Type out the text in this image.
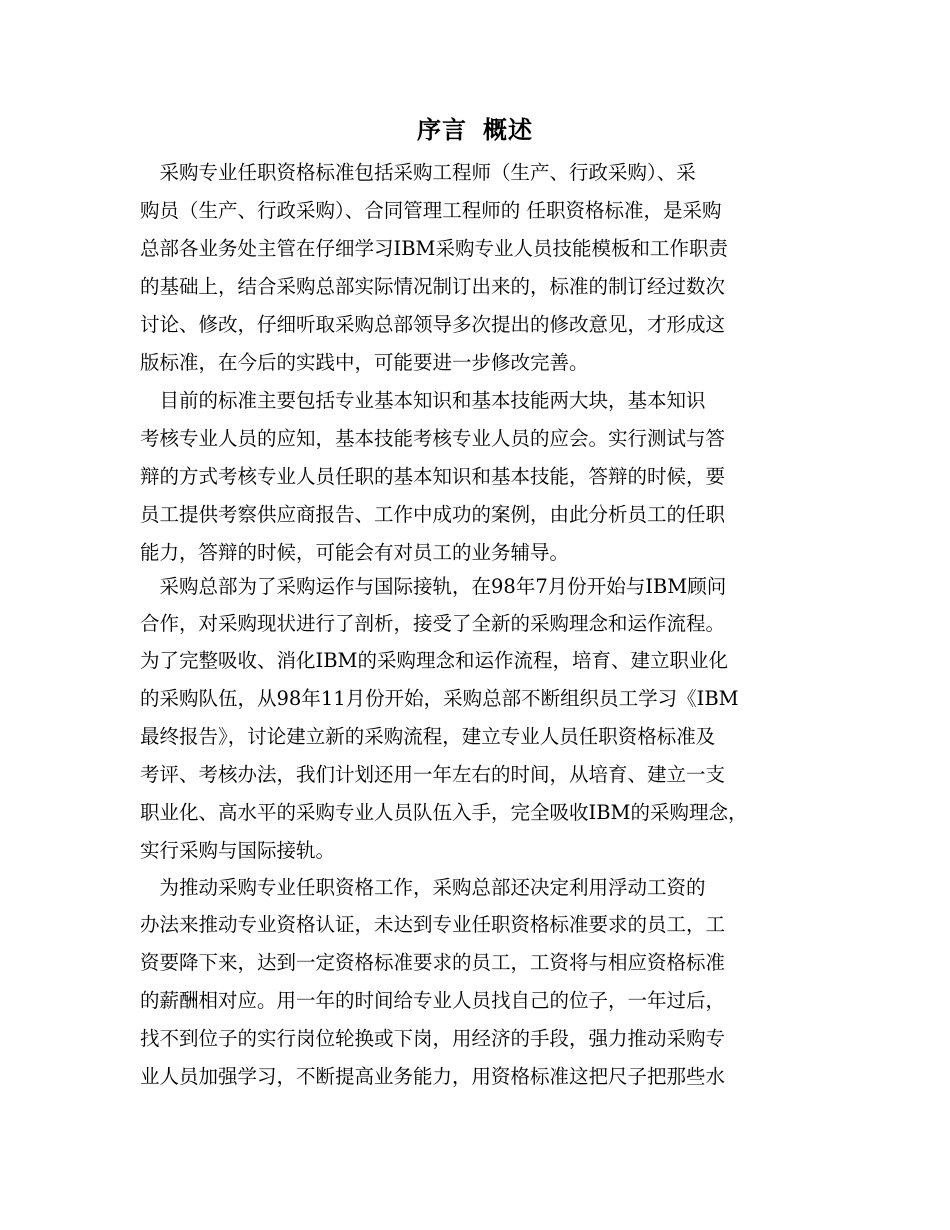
序言 概述

　采购专业任职资格标准包括采购工程师（生产、行政采购）、采

购员（生产、行政采购）、合同管理工程师的 任职资格标准，是采购

总部各业务处主管在仔细学习IBM采购专业人员技能模板和工作职责

的基础上，结合采购总部实际情况制订出来的，标准的制订经过数次

讨论、修改，仔细听取采购总部领导多次提出的修改意见，才形成这

版标准，在今后的实践中，可能要进一步修改完善。

　目前的标准主要包括专业基本知识和基本技能两大块，基本知识

考核专业人员的应知，基本技能考核专业人员的应会。实行测试与答

辩的方式考核专业人员任职的基本知识和基本技能，答辩的时候，要

员工提供考察供应商报告、工作中成功的案例，由此分析员工的任职

能力，答辩的时候，可能会有对员工的业务辅导。

　采购总部为了采购运作与国际接轨，在98年7月份开始与IBM顾问

合作，对采购现状进行了剖析，接受了全新的采购理念和运作流程。

为了完整吸收、消化IBM的采购理念和运作流程，培育、建立职业化

的采购队伍，从98年11月份开始，采购总部不断组织员工学习《IBM

最终报告》，讨论建立新的采购流程，建立专业人员任职资格标准及

考评、考核办法，我们计划还用一年左右的时间，从培育、建立一支

职业化、高水平的采购专业人员队伍入手，完全吸收IBM的采购理念，

实行采购与国际接轨。

　为推动采购专业任职资格工作，采购总部还决定利用浮动工资的

办法来推动专业资格认证，未达到专业任职资格标准要求的员工，工

资要降下来，达到一定资格标准要求的员工，工资将与相应资格标准

的薪酬相对应。用一年的时间给专业人员找自己的位子，一年过后，

找不到位子的实行岗位轮换或下岗，用经济的手段，强力推动采购专

业人员加强学习，不断提高业务能力，用资格标准这把尺子把那些水
